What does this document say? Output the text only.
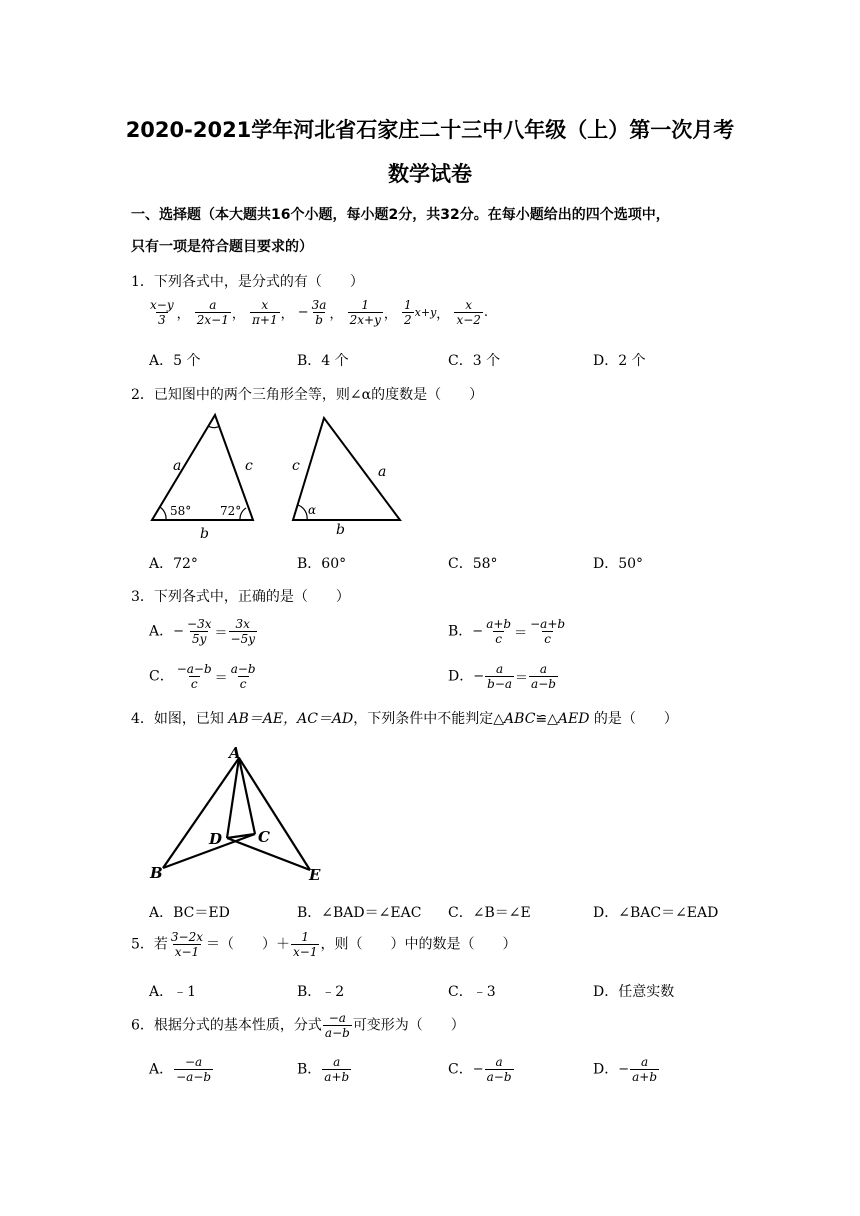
2020-2021学年河北省石家庄二十三中八年级（上）第一次月考
数学试卷
一、选择题（本大题共16个小题，每小题2分，共32分。在每小题给出的四个选项中，
只有一项是符合题目要求的）
1．下列各式中，是分式的有（　　）
$\frac{x-y}{3}$ ， $\frac{a}{2x-1}$ ， $\frac{x}{\pi+1}$ ， − $\frac{3a}{b}$ ， $\frac{1}{2x+y}$ ， $\frac{1}{2} x+y$， $\frac{x}{x-2}$ .
A．5 个	B．4 个	C．3 个	D．2 个
2．已知图中的两个三角形全等，则∠α的度数是（　　）
a	c
b
58° 72°
c	a
b
α
A．72°	B．60°	C．58°	D．50°
3．下列各式中，正确的是（　　）
A．− $\frac{-3x}{5y} = \frac{3x}{-5y}$	B．− $\frac{a+b}{c} = \frac{-a+b}{c}$
C． $\frac{-a-b}{c} = \frac{a-b}{c}$	D．− $\frac{a}{b-a} = \frac{a}{a-b}$
4．如图，已知 AB＝AE，AC＝AD，下列条件中不能判定△ABC≌△AED 的是（　　）
A
B
D C
E
A．BC＝ED	B．∠BAD＝∠EAC C．∠B＝∠E	D．∠BAC＝∠EAD
5．若 $\frac{3-2x}{x-1}$ ＝（　　）＋ $\frac{1}{x-1}$ ，则（　　）中的数是（　　）
A．﹣1	B．﹣2	C．﹣3	D．任意实数
6．根据分式的基本性质，分式 $\frac{-a}{a-b}$ 可变形为（　　）
A． $\frac{-a}{-a-b}$	B． $\frac{a}{a+b}$	C．− $\frac{a}{a-b}$	D．− $\frac{a}{a+b}$
